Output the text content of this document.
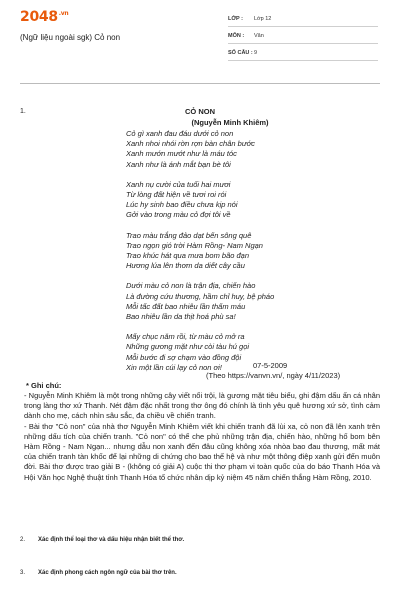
$2048^{.vn}$
(Ngữ liệu ngoài sgk) Cỏ non
LỚP : Lớp 12
MÔN : Văn
SỐ CÂU : 9
1.	CỎ NON
(Nguyễn Minh Khiêm)
Cỏ gì xanh đau đáu dưới cỏ non
Xanh nhoi nhói rờn rợn bàn chân bước
Xanh mướn mướt như là máu tóc
Xanh như là ánh mắt bạn bè tôi
Xanh nụ cười của tuổi hai mươi
Từ lòng đất hiện về tươi roi rói
Lúc hy sinh bao điều chưa kịp nói
Gởi vào trong màu cỏ đợi tôi về
Trao màu trắng đảo dạt bến sông quê
Trao ngọn gió trời Hàm Rồng- Nam Ngạn
Trao khúc hát qua mưa bom bão đạn
Hương lúa lên thơm da diết cây cầu
Dưới màu cỏ non là trận địa, chiến hào
Là đường cứu thương, hầm chỉ huy, bệ pháo
Mỗi tấc đất bao nhiêu lần thấm máu
Bao nhiêu lần da thịt hoá phù sa!
Mấy chục năm rồi, từ màu cỏ mở ra
Những gương mặt như còi tàu hú gọi
Mỗi bước đi sợ chạm vào đồng đội
Xin một lần cúi lạy cỏ non ơi!	07-5-2009
(Theo https://vanvn.vn/, ngày 4/11/2023)
* Ghi chú:
- Nguyễn Minh Khiêm là một trong những cây viết nổi trội, là gương mặt tiêu biểu, ghi đậm dấu ấn cá nhân trong làng thơ xứ Thanh. Nét đậm đặc nhất trong thơ ông đó chính là tình yêu quê hương xứ sở, tình cảm dành cho mẹ, cách nhìn sâu sắc, đa chiều về chiến tranh.
- Bài thơ "Cỏ non" của nhà thơ Nguyễn Minh Khiêm viết khi chiến tranh đã lùi xa, cỏ non đã lên xanh trên những dấu tích của chiến tranh. "Cỏ non" có thể che phủ những trận địa, chiến hào, những hố bom bên Hàm Rồng - Nam Ngạn... nhưng dẫu non xanh đến đâu cũng không xóa nhòa bao đau thương, mất mát của chiến tranh tàn khốc để lại những di chứng cho bao thế hệ và như một thông điệp xanh gửi đến muôn đời. Bài thơ được trao giải B - (không có giải A) cuộc thi thơ phạm vi toàn quốc của do báo Thanh Hóa và Hội Văn học Nghệ thuật tỉnh Thanh Hóa tổ chức nhân dịp kỷ niệm 45 năm chiến thắng Hàm Rồng, 2010.
2. Xác định thể loại thơ và dấu hiệu nhận biết thể thơ.
3. Xác định phong cách ngôn ngữ của bài thơ trên.
